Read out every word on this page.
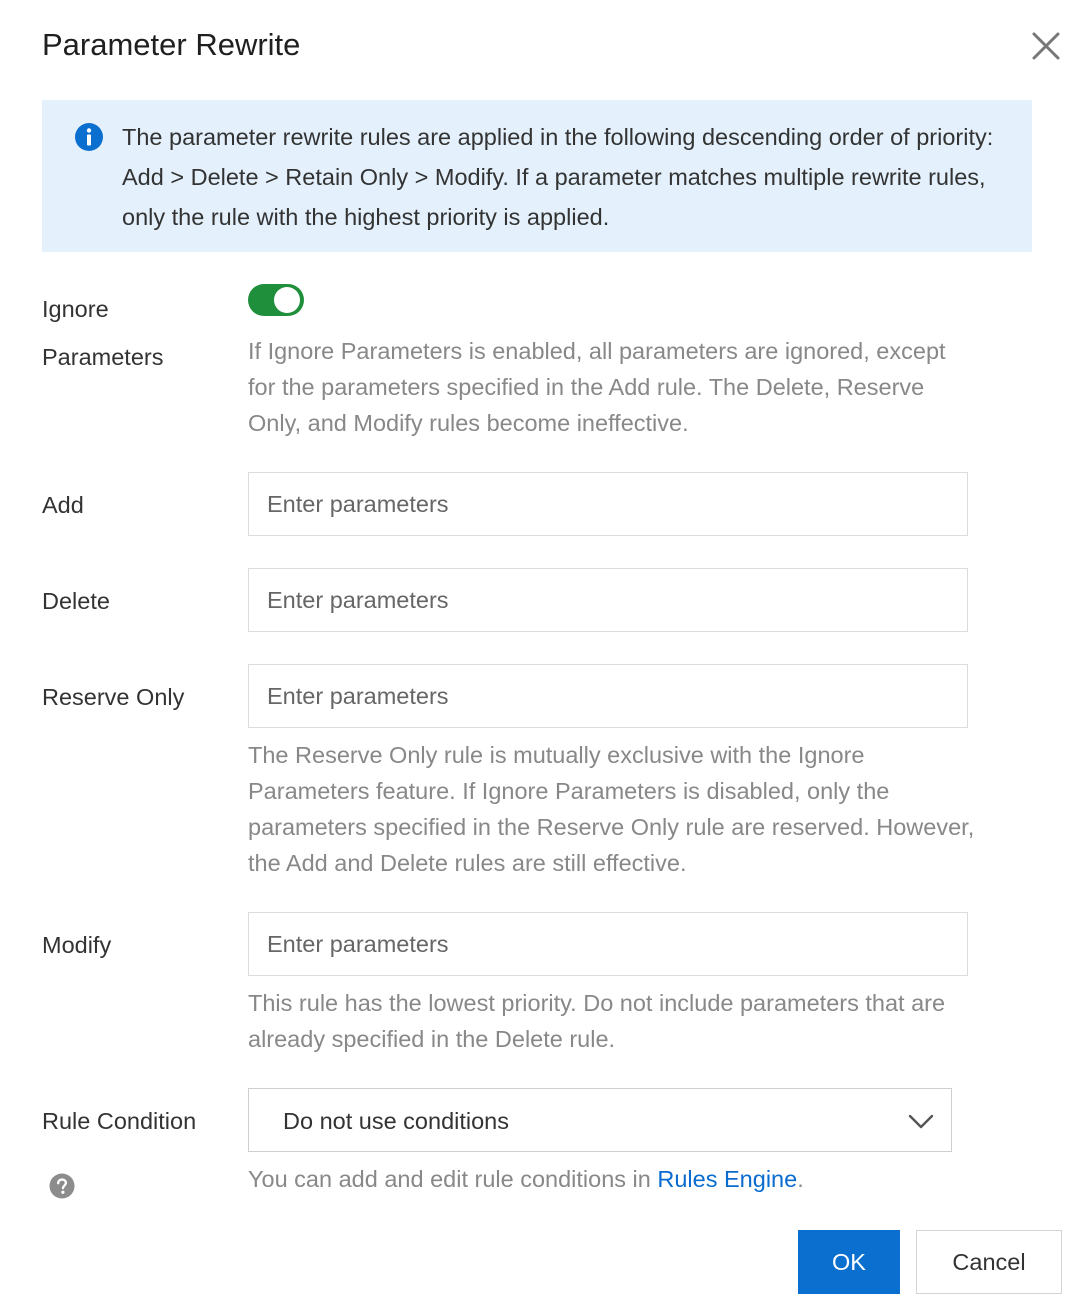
Parameter Rewrite
The parameter rewrite rules are applied in the following descending order of priority: Add > Delete > Retain Only > Modify. If a parameter matches multiple rewrite rules, only the rule with the highest priority is applied.
Ignore
Parameters	If Ignore Parameters is enabled, all parameters are ignored, except for the parameters specified in the Add rule. The Delete, Reserve Only, and Modify rules become ineffective.
Add
Enter parameters
Delete
Enter parameters
Reserve Only
Enter parameters
The Reserve Only rule is mutually exclusive with the Ignore Parameters feature. If Ignore Parameters is disabled, only the parameters specified in the Reserve Only rule are reserved. However, the Add and Delete rules are still effective.
Modify
Enter parameters
This rule has the lowest priority. Do not include parameters that are already specified in the Delete rule.
Rule Condition	Do not use conditions
You can add and edit rule conditions in Rules Engine.
OK	Cancel
